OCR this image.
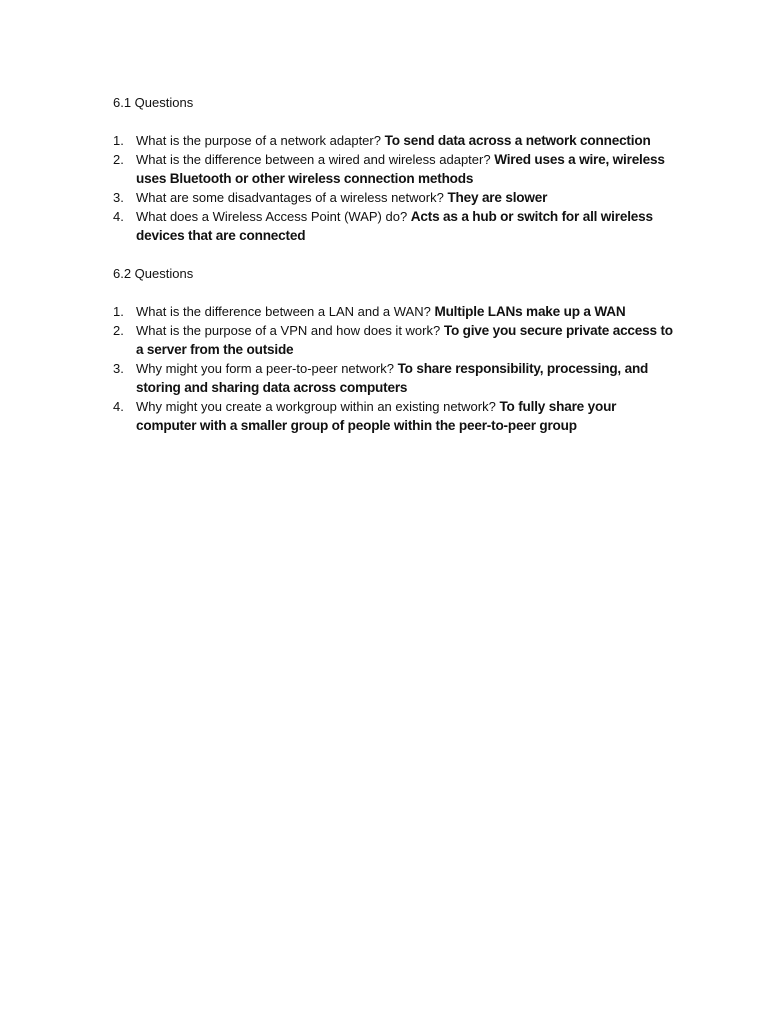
6.1 Questions
1. What is the purpose of a network adapter? To send data across a network connection
2. What is the difference between a wired and wireless adapter? Wired uses a wire, wireless uses Bluetooth or other wireless connection methods
3. What are some disadvantages of a wireless network? They are slower
4. What does a Wireless Access Point (WAP) do? Acts as a hub or switch for all wireless devices that are connected
6.2 Questions
1. What is the difference between a LAN and a WAN? Multiple LANs make up a WAN
2. What is the purpose of a VPN and how does it work? To give you secure private access to a server from the outside
3. Why might you form a peer-to-peer network? To share responsibility, processing, and storing and sharing data across computers
4. Why might you create a workgroup within an existing network? To fully share your computer with a smaller group of people within the peer-to-peer group
